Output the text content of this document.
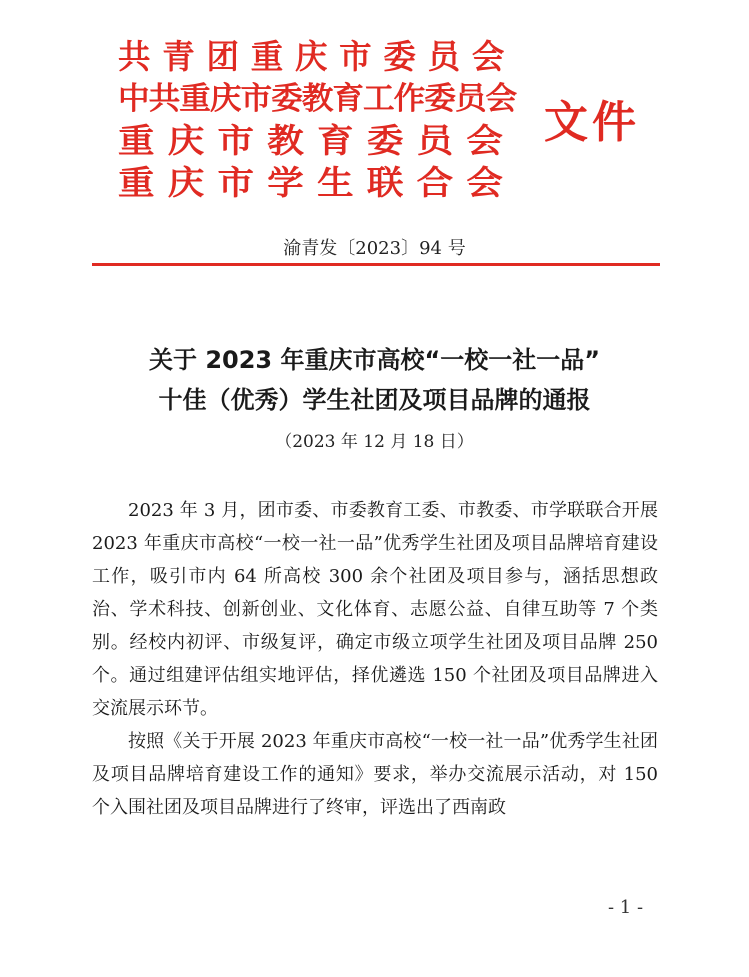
共青团重庆市委员会
中共重庆市委教育工作委员会
重庆市教育委员会
重庆市学生联合会
文件
渝青发〔2023〕94 号
关于 2023 年重庆市高校“一校一社一品”
十佳（优秀）学生社团及项目品牌的通报
（2023 年 12 月 18 日）

2023 年 3 月，团市委、市委教育工委、市教委、市学联联合开展 2023 年重庆市高校“一校一社一品”优秀学生社团及项目品牌培育建设工作，吸引市内 64 所高校 300 余个社团及项目参与，涵括思想政治、学术科技、创新创业、文化体育、志愿公益、自律互助等 7 个类别。经校内初评、市级复评，确定市级立项学生社团及项目品牌 250 个。通过组建评估组实地评估，择优遴选 150 个社团及项目品牌进入交流展示环节。

按照《关于开展 2023 年重庆市高校“一校一社一品”优秀学生社团及项目品牌培育建设工作的通知》要求，举办交流展示活动，对 150 个入围社团及项目品牌进行了终审，评选出了西南政

- 1 -
